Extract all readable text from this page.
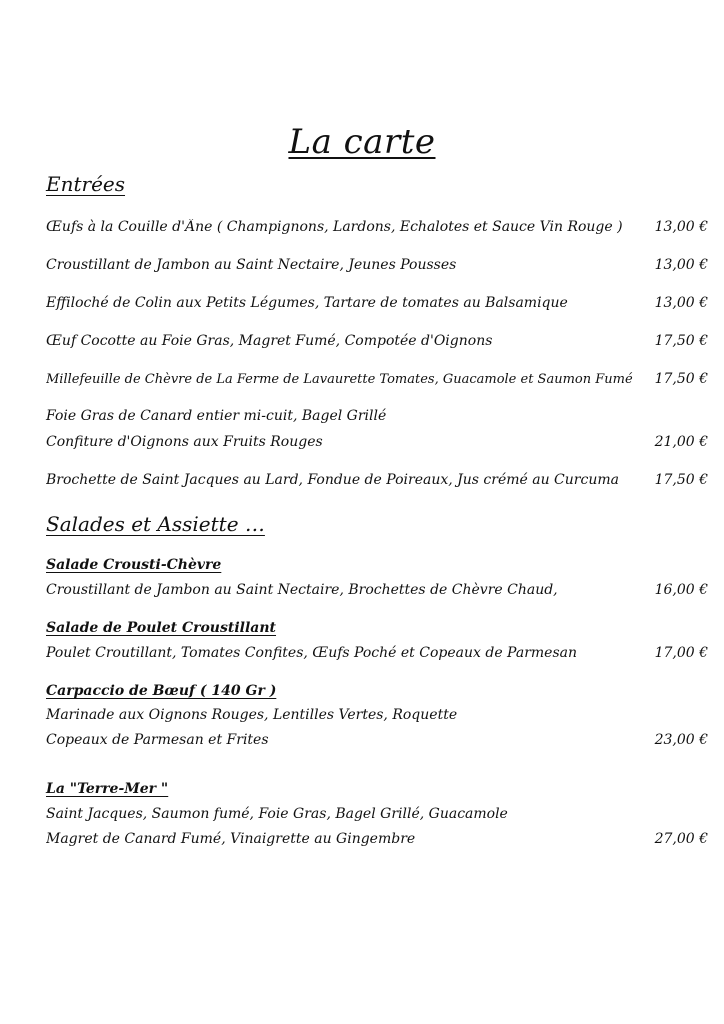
La carte
Entrées
Œufs à la Couille d'Âne ( Champignons, Lardons, Echalotes et Sauce Vin Rouge )	13,00 €
Croustillant de Jambon au Saint Nectaire, Jeunes Pousses	13,00 €
Effiloché de Colin aux Petits Légumes, Tartare de tomates au Balsamique	13,00 €
Œuf Cocotte au Foie Gras, Magret Fumé, Compotée d'Oignons	17,50 €
Millefeuille de Chèvre de La Ferme de Lavaurette Tomates, Guacamole et Saumon Fumé	17,50 €
Foie Gras de Canard entier mi-cuit, Bagel Grillé
Confiture d'Oignons aux Fruits Rouges	21,00 €
Brochette de Saint Jacques au Lard, Fondue de Poireaux, Jus crémé au Curcuma	17,50 €
Salades et Assiette …
Salade Crousti-Chèvre
Croustillant de Jambon au Saint Nectaire, Brochettes de Chèvre Chaud,	16,00 €
Salade de Poulet Croustillant
Poulet Croutillant, Tomates Confites, Œufs Poché et Copeaux de Parmesan	17,00 €
Carpaccio de Bœuf ( 140 Gr )
Marinade aux Oignons Rouges, Lentilles Vertes, Roquette
Copeaux de Parmesan et Frites	23,00 €
La "Terre-Mer "
Saint Jacques, Saumon fumé, Foie Gras, Bagel Grillé, Guacamole
Magret de Canard Fumé, Vinaigrette au Gingembre	27,00 €
